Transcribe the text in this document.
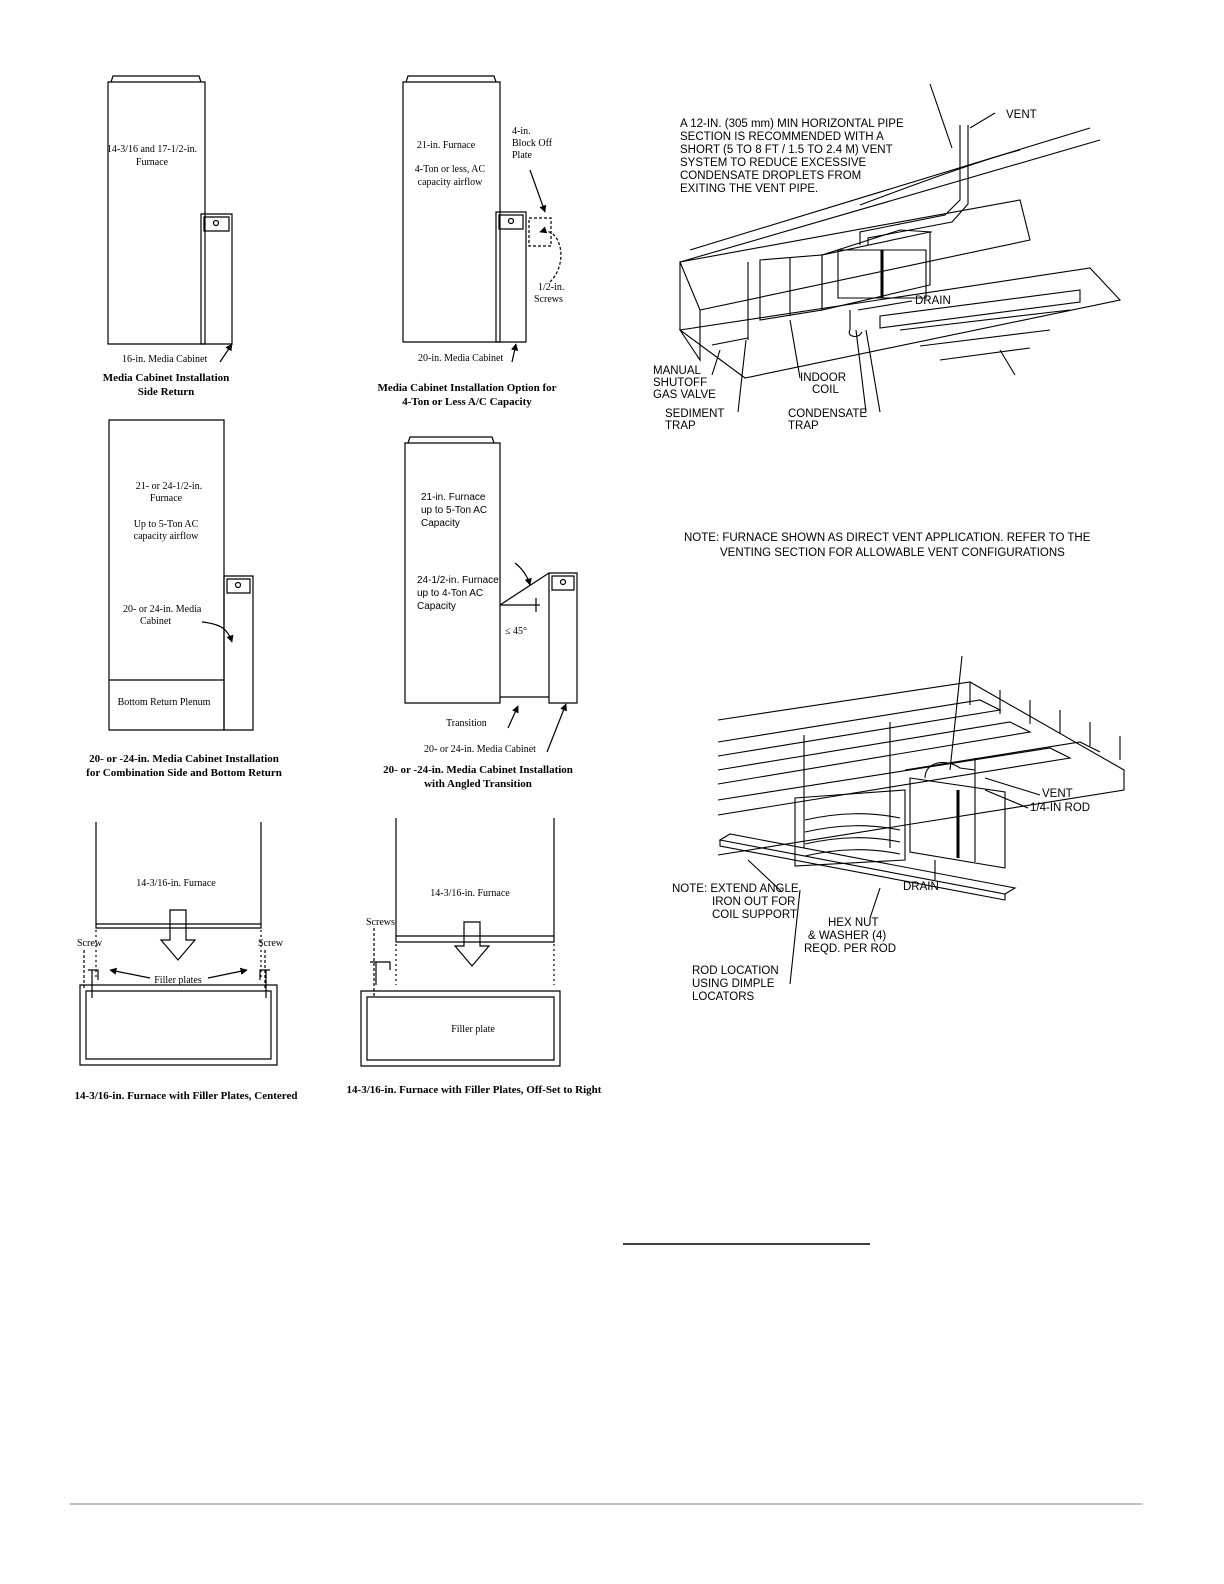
14-3/16 and 17-1/2-in. Furnace
16-in. Media Cabinet
Media Cabinet Installation Side Return
21-in. Furnace
4-Ton or less, AC capacity airflow
4-in. Block Off Plate
1/2-in. Screws
20-in. Media Cabinet
Media Cabinet Installation Option for 4-Ton or Less A/C Capacity
21- or 24-1/2-in. Furnace
Up to 5-Ton AC capacity airflow
20- or 24-in. Media Cabinet
Bottom Return Plenum
20- or -24-in. Media Cabinet Installation for Combination Side and Bottom Return
21-in. Furnace up to 5-Ton AC Capacity
24-1/2-in. Furnace up to 4-Ton AC Capacity
≤ 45°
Transition
20- or 24-in. Media Cabinet
20- or -24-in. Media Cabinet Installation with Angled Transition
14-3/16-in. Furnace
Screw	Screw
Filler plates
14-3/16-in. Furnace with Filler Plates, Centered
14-3/16-in. Furnace
Screws
Filler plate
14-3/16-in. Furnace with Filler Plates, Off-Set to Right
A 12-IN. (305 mm) MIN HORIZONTAL PIPE SECTION IS RECOMMENDED WITH A SHORT (5 TO 8 FT / 1.5 TO 2.4 M) VENT SYSTEM TO REDUCE EXCESSIVE CONDENSATE DROPLETS FROM EXITING THE VENT PIPE.
VENT
DRAIN
MANUAL SHUTOFF GAS VALVE
INDOOR COIL
SEDIMENT TRAP
CONDENSATE TRAP
NOTE: FURNACE SHOWN AS DIRECT VENT APPLICATION. REFER TO THE VENTING SECTION FOR ALLOWABLE VENT CONFIGURATIONS
VENT
1/4-IN ROD
DRAIN
NOTE: EXTEND ANGLE IRON OUT FOR COIL SUPPORT
HEX NUT & WASHER (4) REQD. PER ROD
ROD LOCATION USING DIMPLE LOCATORS
